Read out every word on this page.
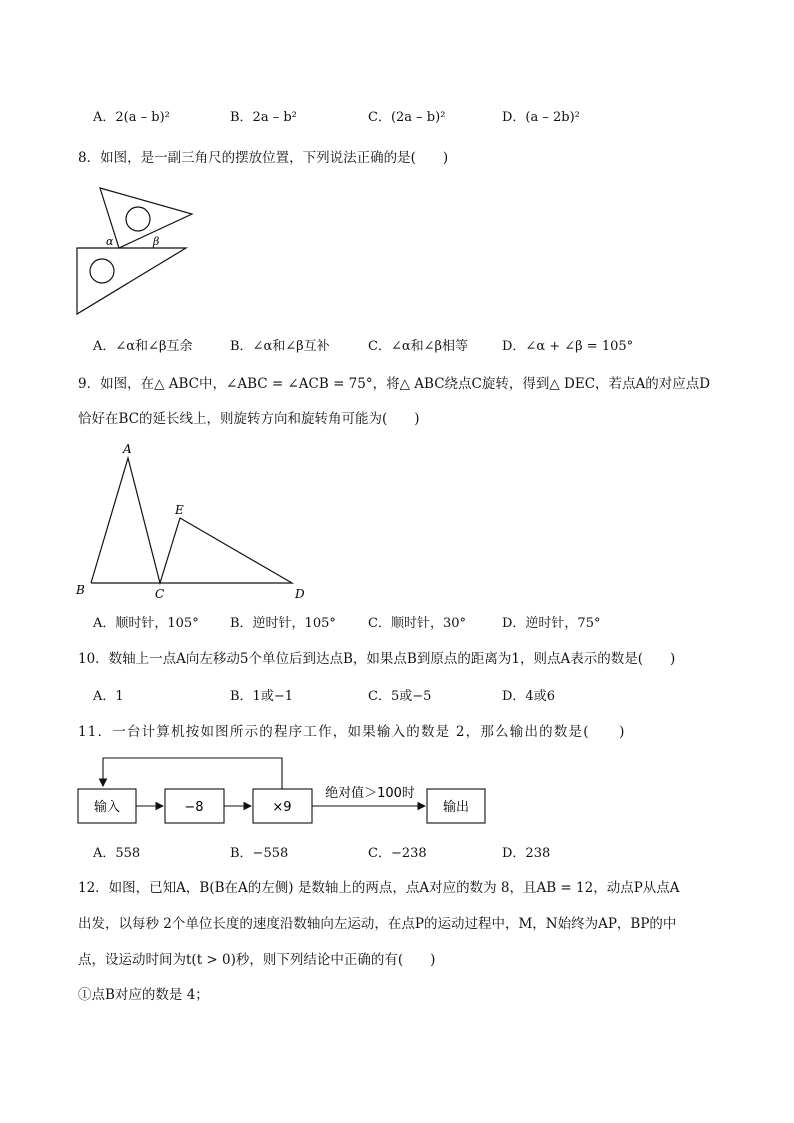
A．2(a – b)²	B．2a – b²	C．(2a – b)²	D．(a – 2b)²
8．如图，是一副三角尺的摆放位置，下列说法正确的是(　　)
α	β
A．∠α和∠β互余	B．∠α和∠β互补	C．∠α和∠β相等	D．∠α + ∠β = 105°
9．如图，在△ ABC中，∠ABC = ∠ACB = 75°，将△ ABC绕点C旋转，得到△ DEC，若点A的对应点D
恰好在BC的延长线上，则旋转方向和旋转角可能为(　　)
A
B	C	D
E
A．顺时针，105° B．逆时针，105° C．顺时针，30°	D．逆时针，75°
10．数轴上一点A向左移动5个单位后到达点B，如果点B到原点的距离为1，则点A表示的数是(　　)
A．1	B．1或−1	C．5或−5	D．4或6
11．一台计算机按如图所示的程序工作，如果输入的数是 2，那么输出的数是(　　)
输入	−8	×9
绝对值＞100时
输出
A．558	B．−558	C．−238	D．238
12．如图，已知A，B(B在A的左侧) 是数轴上的两点，点A对应的数为 8，且AB = 12，动点P从点A
出发，以每秒 2个单位长度的速度沿数轴向左运动，在点P的运动过程中，M，N始终为AP，BP的中
点，设运动时间为t(t > 0)秒，则下列结论中正确的有(　　)
①点B对应的数是 4；
